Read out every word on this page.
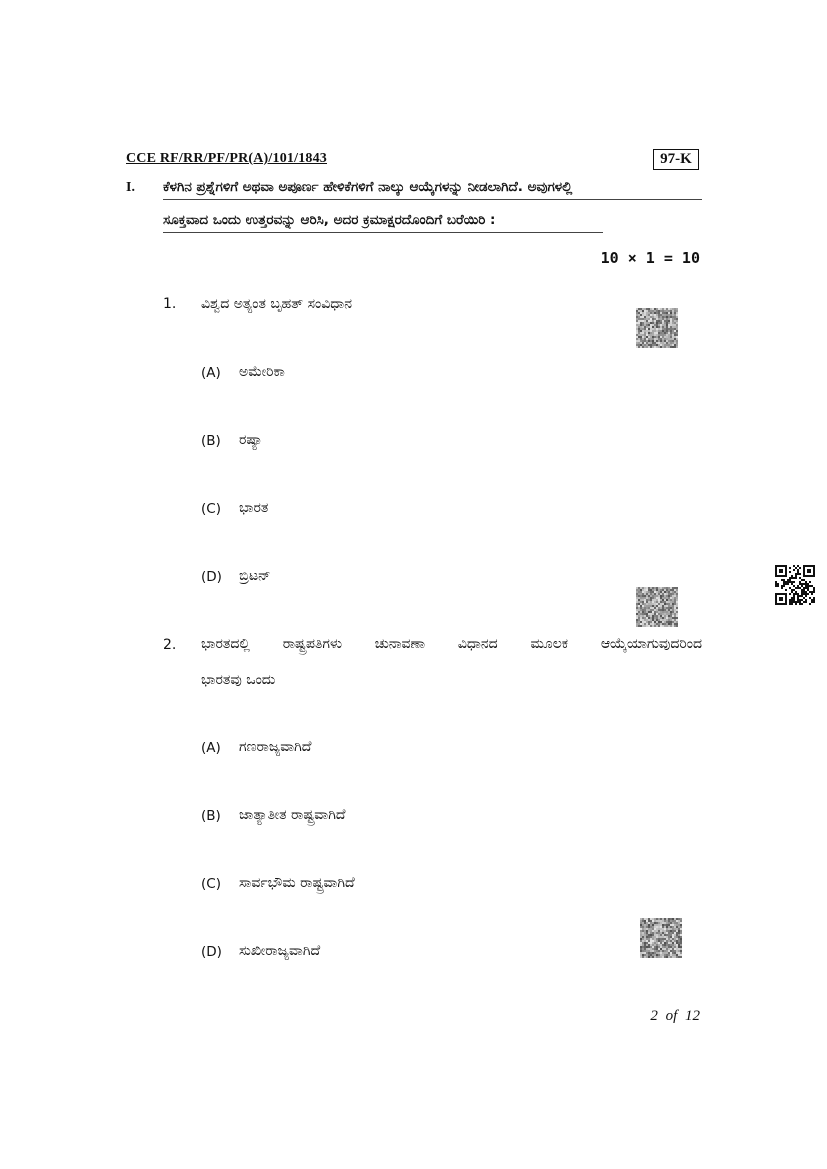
CCE RF/RR/PF/PR(A)/101/1843	97-K
I. ಕೆಳಗಿನ ಪ್ರಶ್ನೆಗಳಿಗೆ ಅಥವಾ ಅಪೂರ್ಣ ಹೇಳಿಕೆಗಳಿಗೆ ನಾಲ್ಕು ಆಯ್ಕೆಗಳನ್ನು ನೀಡಲಾಗಿದೆ. ಅವುಗಳಲ್ಲಿ
ಸೂಕ್ತವಾದ ಒಂದು ಉತ್ತರವನ್ನು ಆರಿಸಿ, ಅದರ ಕ್ರಮಾಕ್ಷರದೊಂದಿಗೆ ಬರೆಯಿರಿ :
10 × 1 = 10
1. ವಿಶ್ವದ ಅತ್ಯಂತ ಬೃಹತ್ ಸಂವಿಧಾನ
(A) ಅಮೇರಿಕಾ
(B) ರಷ್ಯಾ
(C) ಭಾರತ
(D) ಬ್ರಿಟನ್
2. ಭಾರತದಲ್ಲಿ ರಾಷ್ಟ್ರಪತಿಗಳು ಚುನಾವಣಾ ವಿಧಾನದ ಮೂಲಕ ಆಯ್ಕೆಯಾಗುವುದರಿಂದ
ಭಾರತವು ಒಂದು
(A) ಗಣರಾಜ್ಯವಾಗಿದೆ
(B) ಜಾತ್ಯಾತೀತ ರಾಷ್ಟ್ರವಾಗಿದೆ
(C) ಸಾರ್ವಭೌಮ ರಾಷ್ಟ್ರವಾಗಿದೆ
(D) ಸುಖೀರಾಜ್ಯವಾಗಿದೆ
2 of 12
